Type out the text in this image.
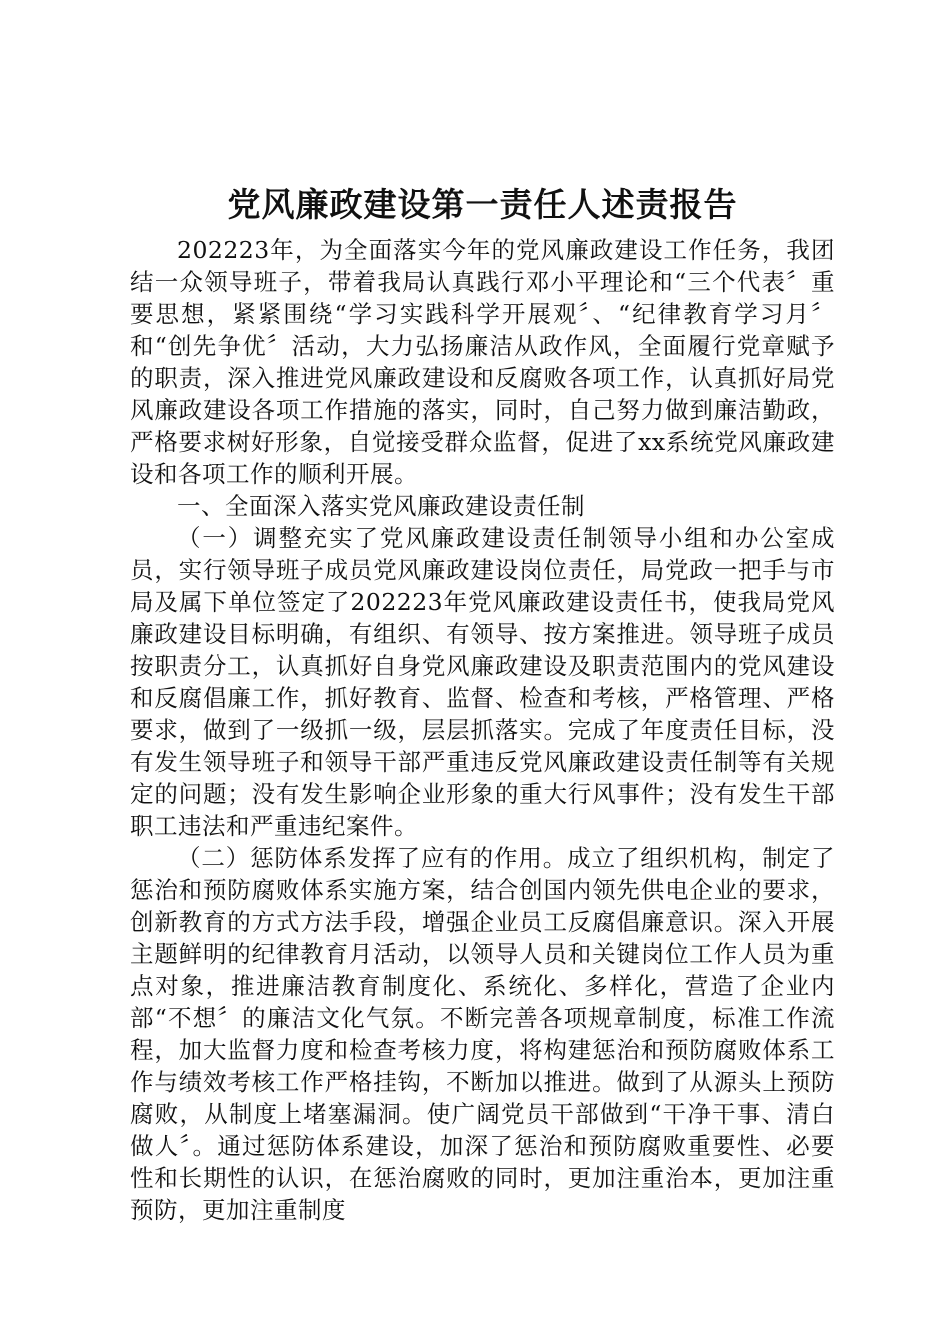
党风廉政建设第一责任人述责报告

202223年，为全面落实今年的党风廉政建设工作任务，我团结一众领导班子，带着我局认真践行邓小平理论和“三个代表〞重要思想，紧紧围绕“学习实践科学开展观〞、“纪律教育学习月〞和“创先争优〞活动，大力弘扬廉洁从政作风，全面履行党章赋予的职责，深入推进党风廉政建设和反腐败各项工作，认真抓好局党风廉政建设各项工作措施的落实，同时，自己努力做到廉洁勤政，严格要求树好形象，自觉接受群众监督，促进了xx系统党风廉政建设和各项工作的顺利开展。

一、全面深入落实党风廉政建设责任制

（一）调整充实了党风廉政建设责任制领导小组和办公室成员，实行领导班子成员党风廉政建设岗位责任，局党政一把手与市局及属下单位签定了202223年党风廉政建设责任书，使我局党风廉政建设目标明确，有组织、有领导、按方案推进。领导班子成员按职责分工，认真抓好自身党风廉政建设及职责范围内的党风建设和反腐倡廉工作，抓好教育、监督、检查和考核，严格管理、严格要求，做到了一级抓一级，层层抓落实。完成了年度责任目标，没有发生领导班子和领导干部严重违反党风廉政建设责任制等有关规定的问题；没有发生影响企业形象的重大行风事件；没有发生干部职工违法和严重违纪案件。

（二）惩防体系发挥了应有的作用。成立了组织机构，制定了惩治和预防腐败体系实施方案，结合创国内领先供电企业的要求，创新教育的方式方法手段，增强企业员工反腐倡廉意识。深入开展主题鲜明的纪律教育月活动，以领导人员和关键岗位工作人员为重点对象，推进廉洁教育制度化、系统化、多样化，营造了企业内部“不想〞的廉洁文化气氛。不断完善各项规章制度，标准工作流程，加大监督力度和检查考核力度，将构建惩治和预防腐败体系工作与绩效考核工作严格挂钩，不断加以推进。做到了从源头上预防腐败，从制度上堵塞漏洞。使广阔党员干部做到“干净干事、清白做人〞。通过惩防体系建设，加深了惩治和预防腐败重要性、必要性和长期性的认识，在惩治腐败的同时，更加注重治本，更加注重预防，更加注重制度
